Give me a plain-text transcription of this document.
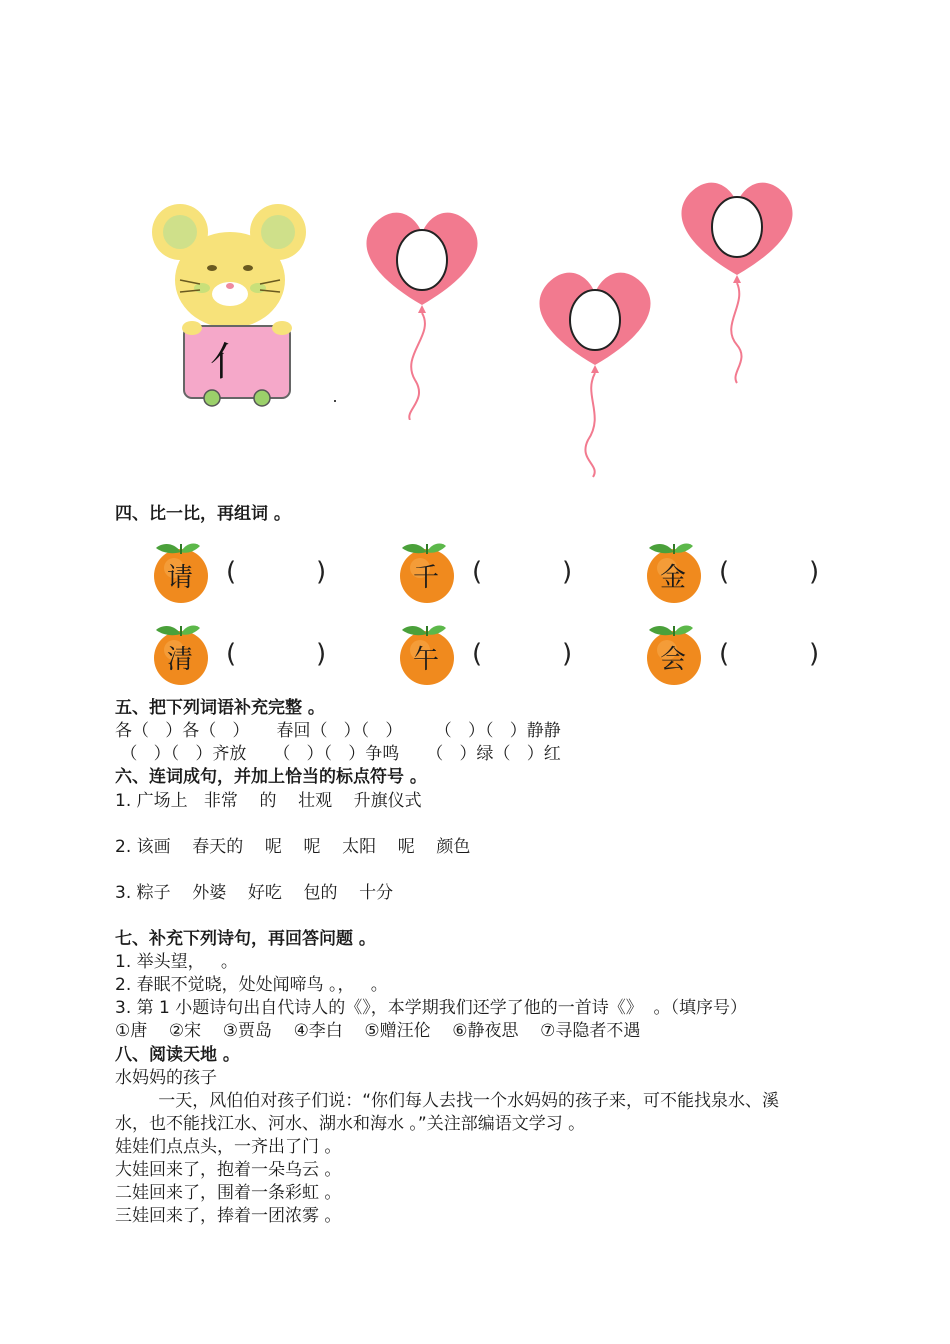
亻
四、比一比，再组词 。
请 (	)	千 (	)	金 (	)
清 (	)	午 (	)	会 (	)
五、把下列词语补充完整 。
各（   ）各（   ）     春回（   ）（   ）      （   ）（   ）静静
（   ）（   ）齐放     （   ）（   ）争鸣     （   ）绿（   ）红
六、连词成句，并加上恰当的标点符号 。
1. 广场上   非常    的    壮观    升旗仪式
2. 该画    春天的    呢    呢    太阳    呢    颜色
3. 粽子    外婆    好吃    包的    十分
七、补充下列诗句，再回答问题 。
1. 举头望，   。
2. 春眠不觉晓，处处闻啼鸟 。，   。
3. 第 1 小题诗句出自代诗人的《》，本学期我们还学了他的一首诗《》  。（填序号）
①唐    ②宋    ③贾岛    ④李白    ⑤赠汪伦    ⑥静夜思    ⑦寻隐者不遇
八、阅读天地 。
水妈妈的孩子
一天，风伯伯对孩子们说：“你们每人去找一个水妈妈的孩子来，可不能找泉水、溪
水，也不能找江水、河水、湖水和海水 。”关注部编语文学习 。
娃娃们点点头，一齐出了门 。
大娃回来了，抱着一朵乌云 。
二娃回来了，围着一条彩虹 。
三娃回来了，捧着一团浓雾 。
